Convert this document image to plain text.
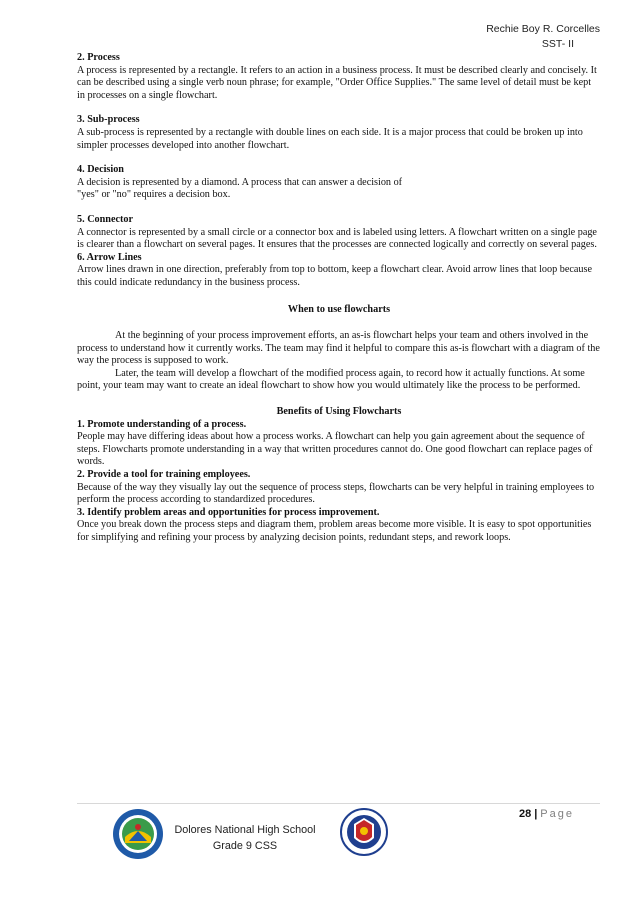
Rechie Boy R. Corcelles
SST- II

2. Process

A process is represented by a rectangle. It refers to an action in a business process. It must be described clearly and concisely. It can be described using a single verb noun phrase; for example, "Order Office Supplies." The same level of detail must be kept in processes on a single flowchart.

3. Sub-process

A sub-process is represented by a rectangle with double lines on each side. It is a major process that could be broken up into simpler processes developed into another flowchart.

4. Decision

A decision is represented by a diamond. A process that can answer a decision of

"yes" or "no" requires a decision box.

5. Connector

A connector is represented by a small circle or a connector box and is labeled using letters. A flowchart written on a single page is clearer than a flowchart on several pages. It ensures that the processes are connected logically and correctly on several pages.

6. Arrow Lines

Arrow lines drawn in one direction, preferably from top to bottom, keep a flowchart clear. Avoid arrow lines that loop because this could indicate redundancy in the business process.

When to use flowcharts

At the beginning of your process improvement efforts, an as-is flowchart helps your team and others involved in the process to understand how it currently works. The team may find it helpful to compare this as-is flowchart with a diagram of the way the process is supposed to work.

Later, the team will develop a flowchart of the modified process again, to record how it actually functions. At some point, your team may want to create an ideal flowchart to show how you would ultimately like the process to be performed.

Benefits of Using Flowcharts

1. Promote understanding of a process.

People may have differing ideas about how a process works. A flowchart can help you gain agreement about the sequence of steps. Flowcharts promote understanding in a way that written procedures cannot do. One good flowchart can replace pages of words.

2. Provide a tool for training employees.

Because of the way they visually lay out the sequence of process steps, flowcharts can be very helpful in training employees to perform the process according to standardized procedures.

3. Identify problem areas and opportunities for process improvement.

Once you break down the process steps and diagram them, problem areas become more visible. It is easy to spot opportunities for simplifying and refining your process by analyzing decision points, redundant steps, and rework loops.

28 | Page
Dolores National High School
Grade 9 CSS
